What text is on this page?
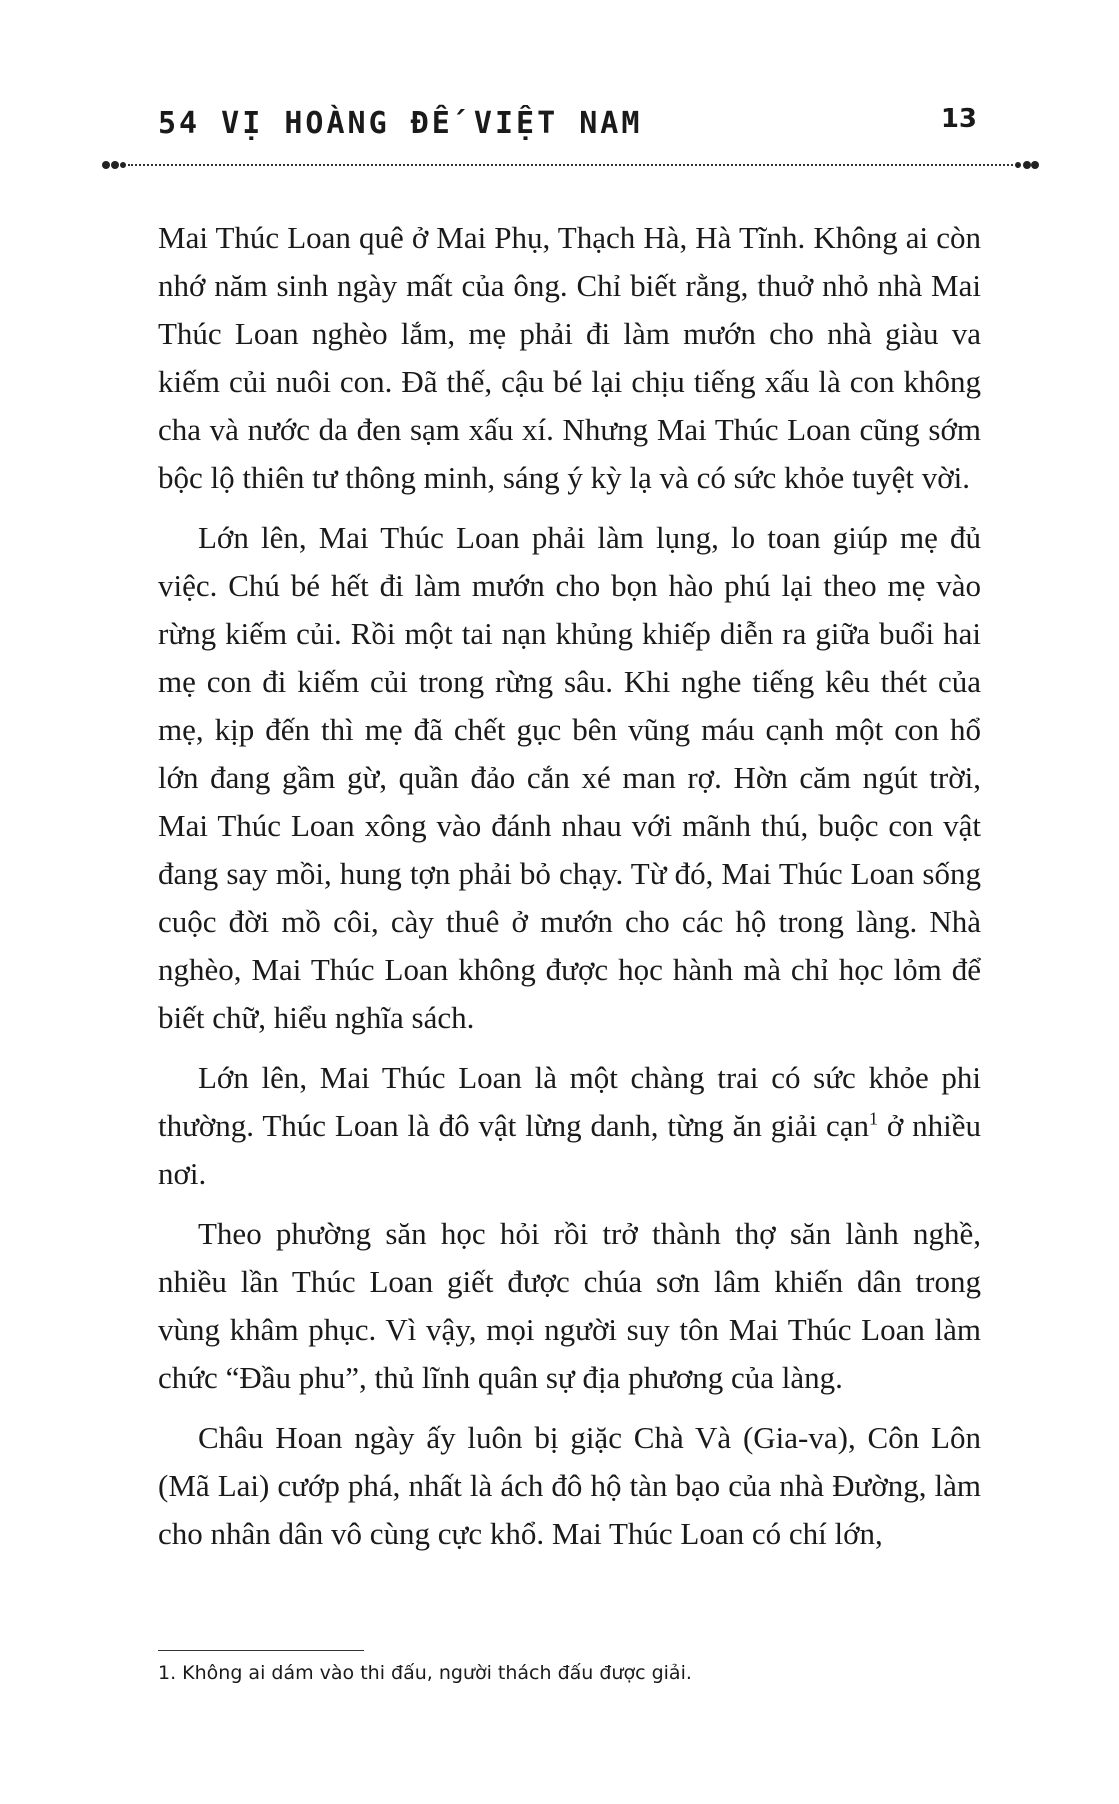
54 VỊ HOÀNG ĐẾ VIỆT NAM	13

Mai Thúc Loan quê ở Mai Phụ, Thạch Hà, Hà Tĩnh. Không ai còn nhớ năm sinh ngày mất của ông. Chỉ biết rằng, thuở nhỏ nhà Mai Thúc Loan nghèo lắm, mẹ phải đi làm mướn cho nhà giàu va kiếm củi nuôi con. Đã thế, cậu bé lại chịu tiếng xấu là con không cha và nước da đen sạm xấu xí. Nhưng Mai Thúc Loan cũng sớm bộc lộ thiên tư thông minh, sáng ý kỳ lạ và có sức khỏe tuyệt vời.

Lớn lên, Mai Thúc Loan phải làm lụng, lo toan giúp mẹ đủ việc. Chú bé hết đi làm mướn cho bọn hào phú lại theo mẹ vào rừng kiếm củi. Rồi một tai nạn khủng khiếp diễn ra giữa buổi hai mẹ con đi kiếm củi trong rừng sâu. Khi nghe tiếng kêu thét của mẹ, kịp đến thì mẹ đã chết gục bên vũng máu cạnh một con hổ lớn đang gầm gừ, quần đảo cắn xé man rợ. Hờn căm ngút trời, Mai Thúc Loan xông vào đánh nhau với mãnh thú, buộc con vật đang say mồi, hung tợn phải bỏ chạy. Từ đó, Mai Thúc Loan sống cuộc đời mồ côi, cày thuê ở mướn cho các hộ trong làng. Nhà nghèo, Mai Thúc Loan không được học hành mà chỉ học lỏm để biết chữ, hiểu nghĩa sách.

Lớn lên, Mai Thúc Loan là một chàng trai có sức khỏe phi thường. Thúc Loan là đô vật lừng danh, từng ăn giải cạn$^1$ ở nhiều nơi.

Theo phường săn học hỏi rồi trở thành thợ săn lành nghề, nhiều lần Thúc Loan giết được chúa sơn lâm khiến dân trong vùng khâm phục. Vì vậy, mọi người suy tôn Mai Thúc Loan làm chức “Đầu phu”, thủ lĩnh quân sự địa phương của làng.

Châu Hoan ngày ấy luôn bị giặc Chà Và (Gia-va), Côn Lôn (Mã Lai) cướp phá, nhất là ách đô hộ tàn bạo của nhà Đường, làm cho nhân dân vô cùng cực khổ. Mai Thúc Loan có chí lớn,

1. Không ai dám vào thi đấu, người thách đấu được giải.
